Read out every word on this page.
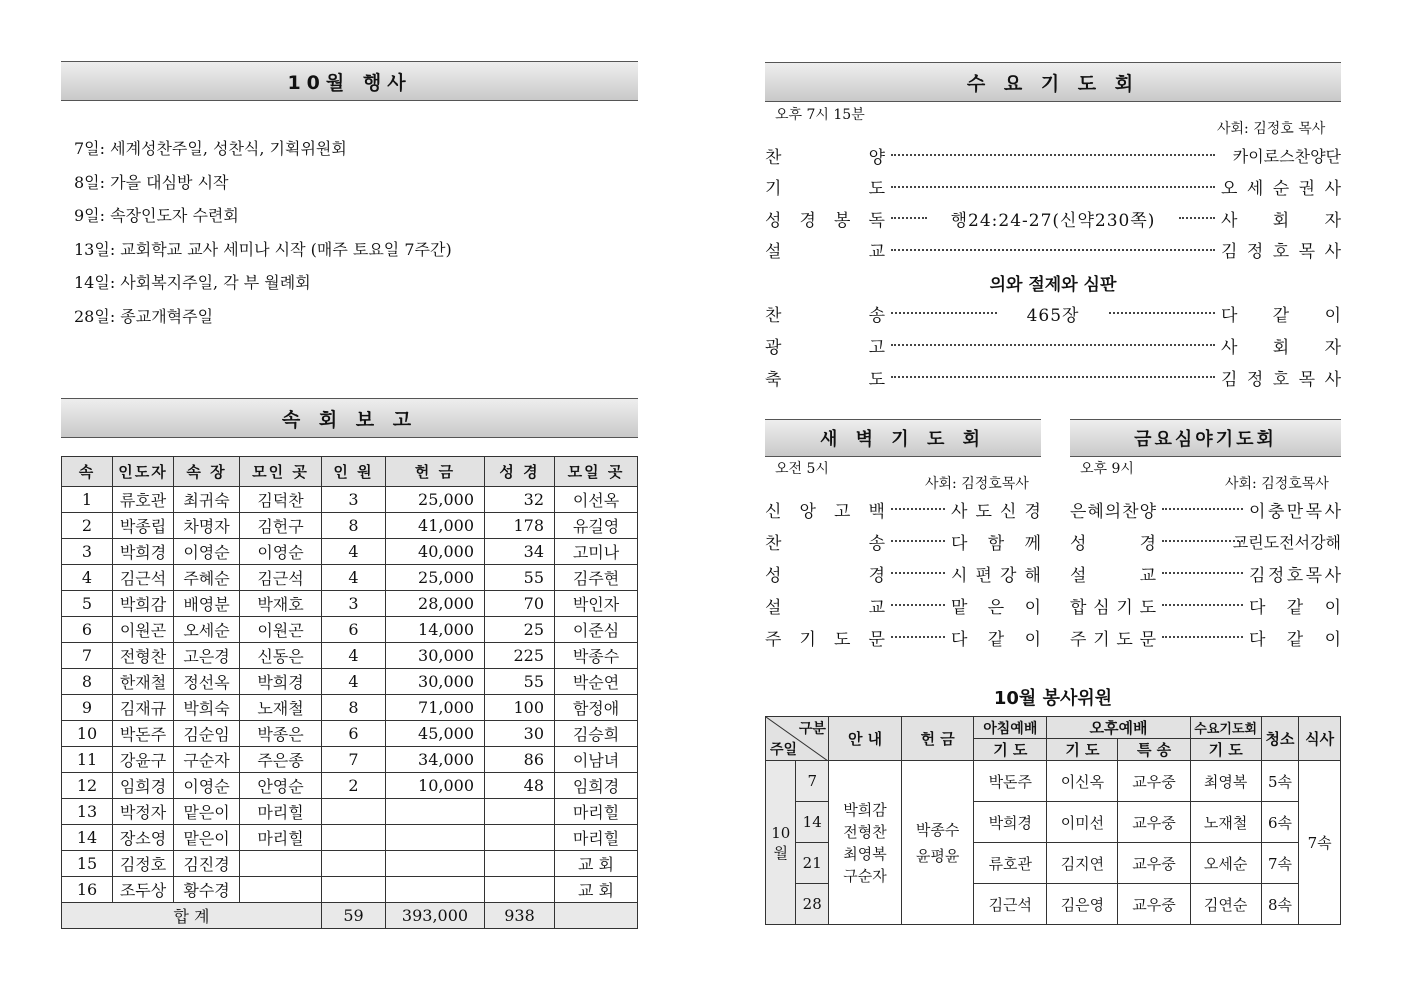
10월 행사
7일: 세계성찬주일, 성찬식, 기획위원회
8일: 가을 대심방 시작
9일: 속장인도자 수련회
13일: 교회학교 교사 세미나 시작 (매주 토요일 7주간)
14일: 사회복지주일, 각 부 월례회
28일: 종교개혁주일
속 회 보 고
속	인도자	속 장	모인 곳	인 원	헌 금	성 경	모일 곳
1	류호관	최귀숙	김덕찬	3	25,000	32	이선옥
2	박종립	차명자	김헌구	8	41,000	178	유길영
3	박희경	이영순	이영순	4	40,000	34	고미나
4	김근석	주혜순	김근석	4	25,000	55	김주현
5	박희감	배영분	박재호	3	28,000	70	박인자
6	이원곤	오세순	이원곤	6	14,000	25	이준심
7	전형찬	고은경	신동은	4	30,000	225	박종수
8	한재철	정선옥	박희경	4	30,000	55	박순연
9	김재규	박희숙	노재철	8	71,000	100	함정애
10	박돈주	김순임	박종은	6	45,000	30	김승희
11	강윤구	구순자	주은종	7	34,000	86	이남녀
12	임희경	이영순	안영순	2	10,000	48	임희경
13	박정자	맡은이	마리힐				마리힐
14	장소영	맡은이	마리힐				마리힐
15	김정호	김진경					교 회
16	조두상	황수경					교 회
합 계				59	393,000	938	
수 요 기 도 회
오후 7시 15분
사회: 김정호 목사
찬	양	카 이 로 스 찬 양 단
기	도	오 세 순 권 사
성 경 봉 독	행24:24-27(신약230쪽)	사 회 자
설	교	김 정 호 목 사
의와 절제와 심판
찬	송	465장	다 같 이
광	고	사 회 자
축	도	김 정 호 목 사
새 벽 기 도 회
오전 5시
사회: 김정호목사
신 앙 고 백	사 도 신 경
찬	송	다 함 께
성	경	시 편 강 해
설	교	맡 은 이
주 기 도 문	다 같 이
금요심야기도회
오후 9시
사회: 김정호목사
은 혜 의 찬 양	이 충 만 목 사
성	경	고 린 도 전 서 강 해
설	교	김 정 호 목 사
합 심 기 도	다 같 이
주 기 도 문	다 같 이
10월 봉사위원
구분
주일		안 내	헌 금	아침예배	오후예배		수요기도회	청소	식사
				기 도	기 도	특 송	기 도		
10월	7	박희감 전형찬 최영복 구순자	박종수 윤평윤	박돈주	이신옥	교우중	최영복	5속	7속
	14			박희경	이미선	교우중	노재철	6속	
	21			류호관	김지연	교우중	오세순	7속	
	28			김근석	김은영	교우중	김연순	8속	
